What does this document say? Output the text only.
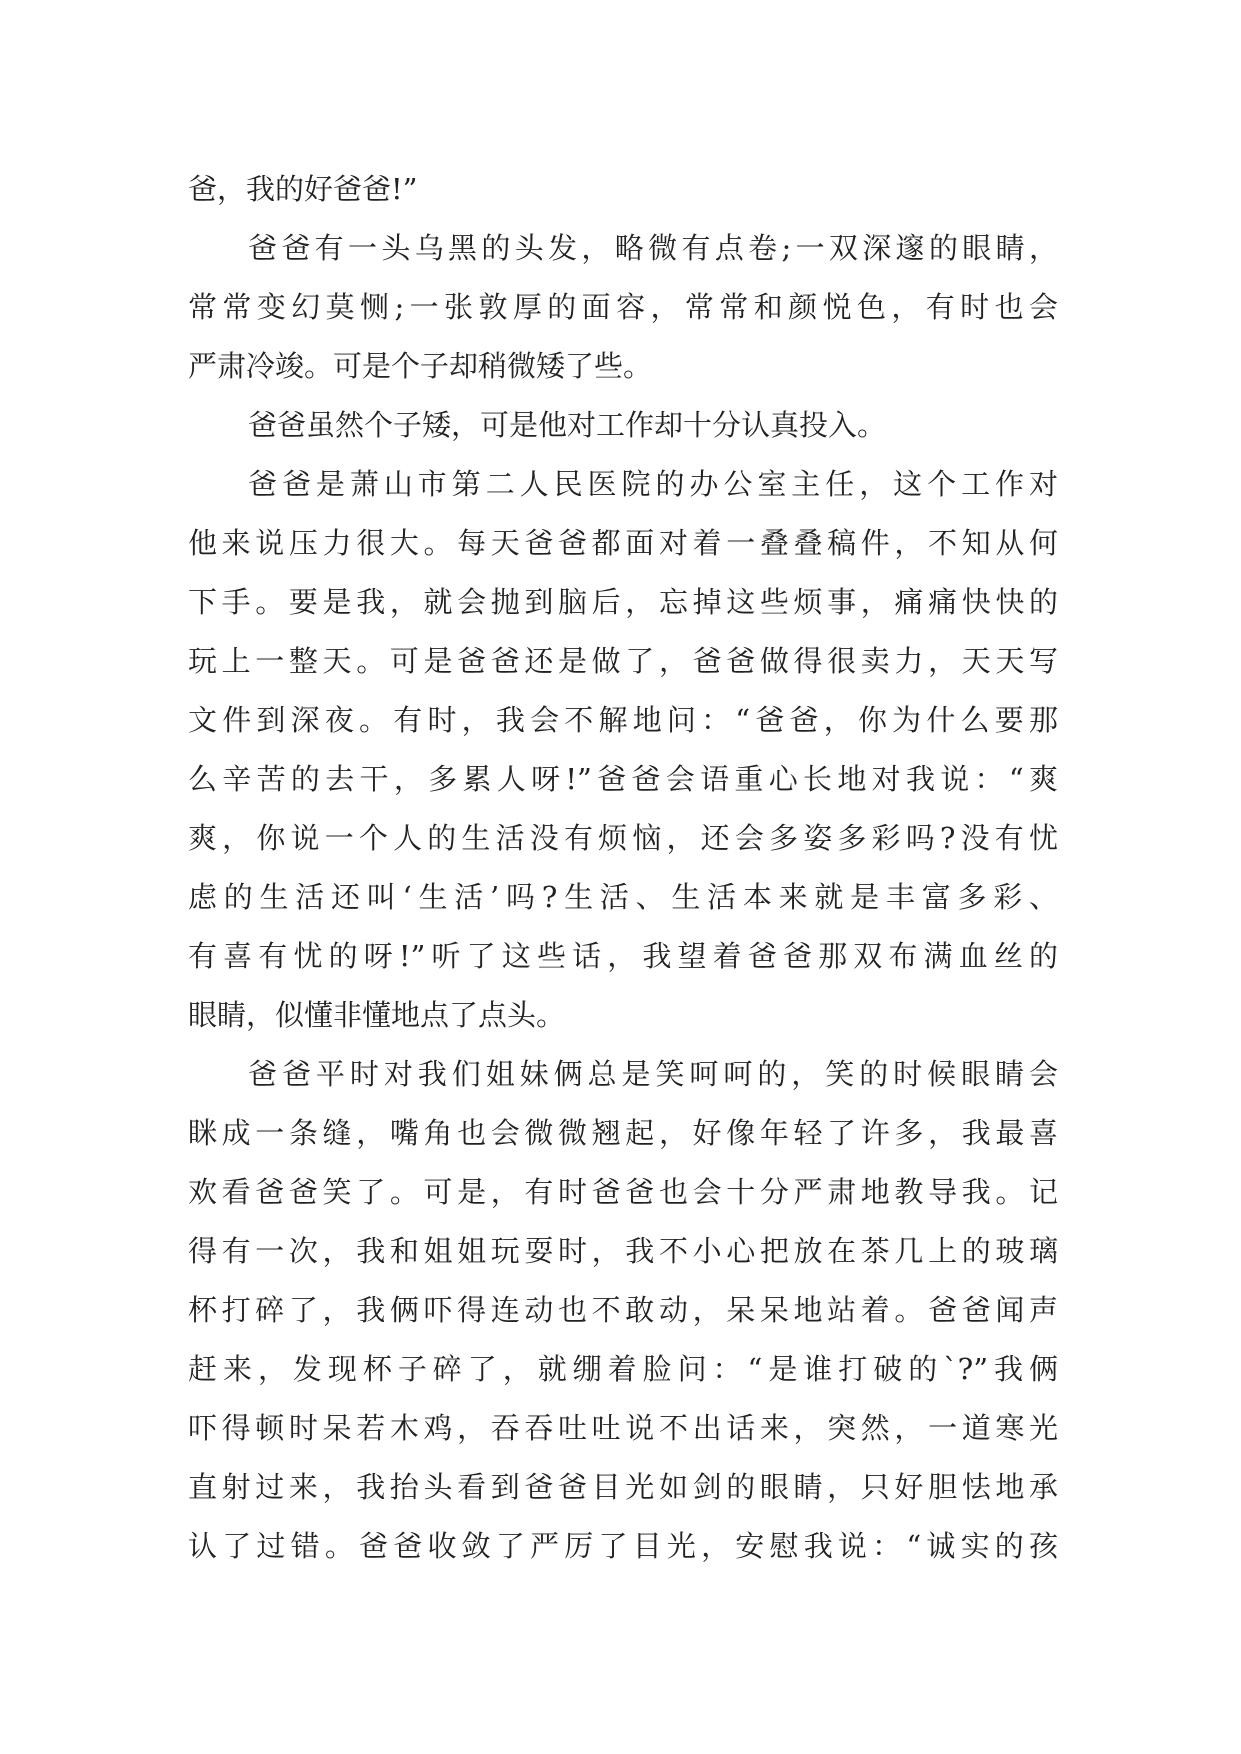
爸，我的好爸爸!”
爸爸有一头乌黑的头发，略微有点卷;一双深邃的眼睛，
常常变幻莫恻;一张敦厚的面容，常常和颜悦色，有时也会
严肃冷竣。可是个子却稍微矮了些。
爸爸虽然个子矮，可是他对工作却十分认真投入。
爸爸是萧山市第二人民医院的办公室主任，这个工作对
他来说压力很大。每天爸爸都面对着一叠叠稿件，不知从何
下手。要是我，就会抛到脑后，忘掉这些烦事，痛痛快快的
玩上一整天。可是爸爸还是做了，爸爸做得很卖力，天天写
文件到深夜。有时，我会不解地问：“爸爸，你为什么要那
么辛苦的去干，多累人呀!”爸爸会语重心长地对我说：“爽
爽，你说一个人的生活没有烦恼，还会多姿多彩吗?没有忧
虑的生活还叫‘生活’吗?生活、生活本来就是丰富多彩、
有喜有忧的呀!”听了这些话，我望着爸爸那双布满血丝的
眼睛，似懂非懂地点了点头。
爸爸平时对我们姐妹俩总是笑呵呵的，笑的时候眼睛会
眯成一条缝，嘴角也会微微翘起，好像年轻了许多，我最喜
欢看爸爸笑了。可是，有时爸爸也会十分严肃地教导我。记
得有一次，我和姐姐玩耍时，我不小心把放在茶几上的玻璃
杯打碎了，我俩吓得连动也不敢动，呆呆地站着。爸爸闻声
赶来，发现杯子碎了，就绷着脸问：“是谁打破的`?”我俩
吓得顿时呆若木鸡，吞吞吐吐说不出话来，突然，一道寒光
直射过来，我抬头看到爸爸目光如剑的眼睛，只好胆怯地承
认了过错。爸爸收敛了严厉了目光，安慰我说：“诚实的孩
